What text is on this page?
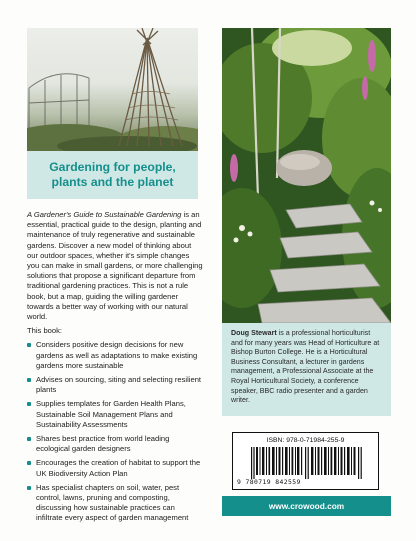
Gardening for people,
plants and the planet

A Gardener's Guide to Sustainable Gardening is an essential, practical guide to the design, planting and maintenance of truly regenerative and sustainable gardens. Discover a new model of thinking about our outdoor spaces, whether it's simple changes you can make in small gardens, or more challenging solutions that propose a significant departure from traditional gardening practices. This is not a rule book, but a map, guiding the willing gardener towards a better way of working with our natural world.

This book:

Considers positive design decisions for new gardens as well as adaptations to make existing gardens more sustainable
Advises on sourcing, siting and selecting resilient plants
Supplies templates for Garden Health Plans, Sustainable Soil Management Plans and Sustainability Assessments
Shares best practice from world leading ecological garden designers
Encourages the creation of habitat to support the UK Biodiversity Action Plan
Has specialist chapters on soil, water, pest control, lawns, pruning and composting, discussing how sustainable practices can infiltrate every aspect of garden management

Doug Stewart is a professional horticulturist and for many years was Head of Horticulture at Bishop Burton College. He is a Horticultural Business Consultant, a lecturer in gardens management, a Professional Associate at the Royal Horticultural Society, a conference speaker, BBC radio presenter and a garden writer.

ISBN: 978-0-71984-255-9
9 780719 842559
www.crowood.com
